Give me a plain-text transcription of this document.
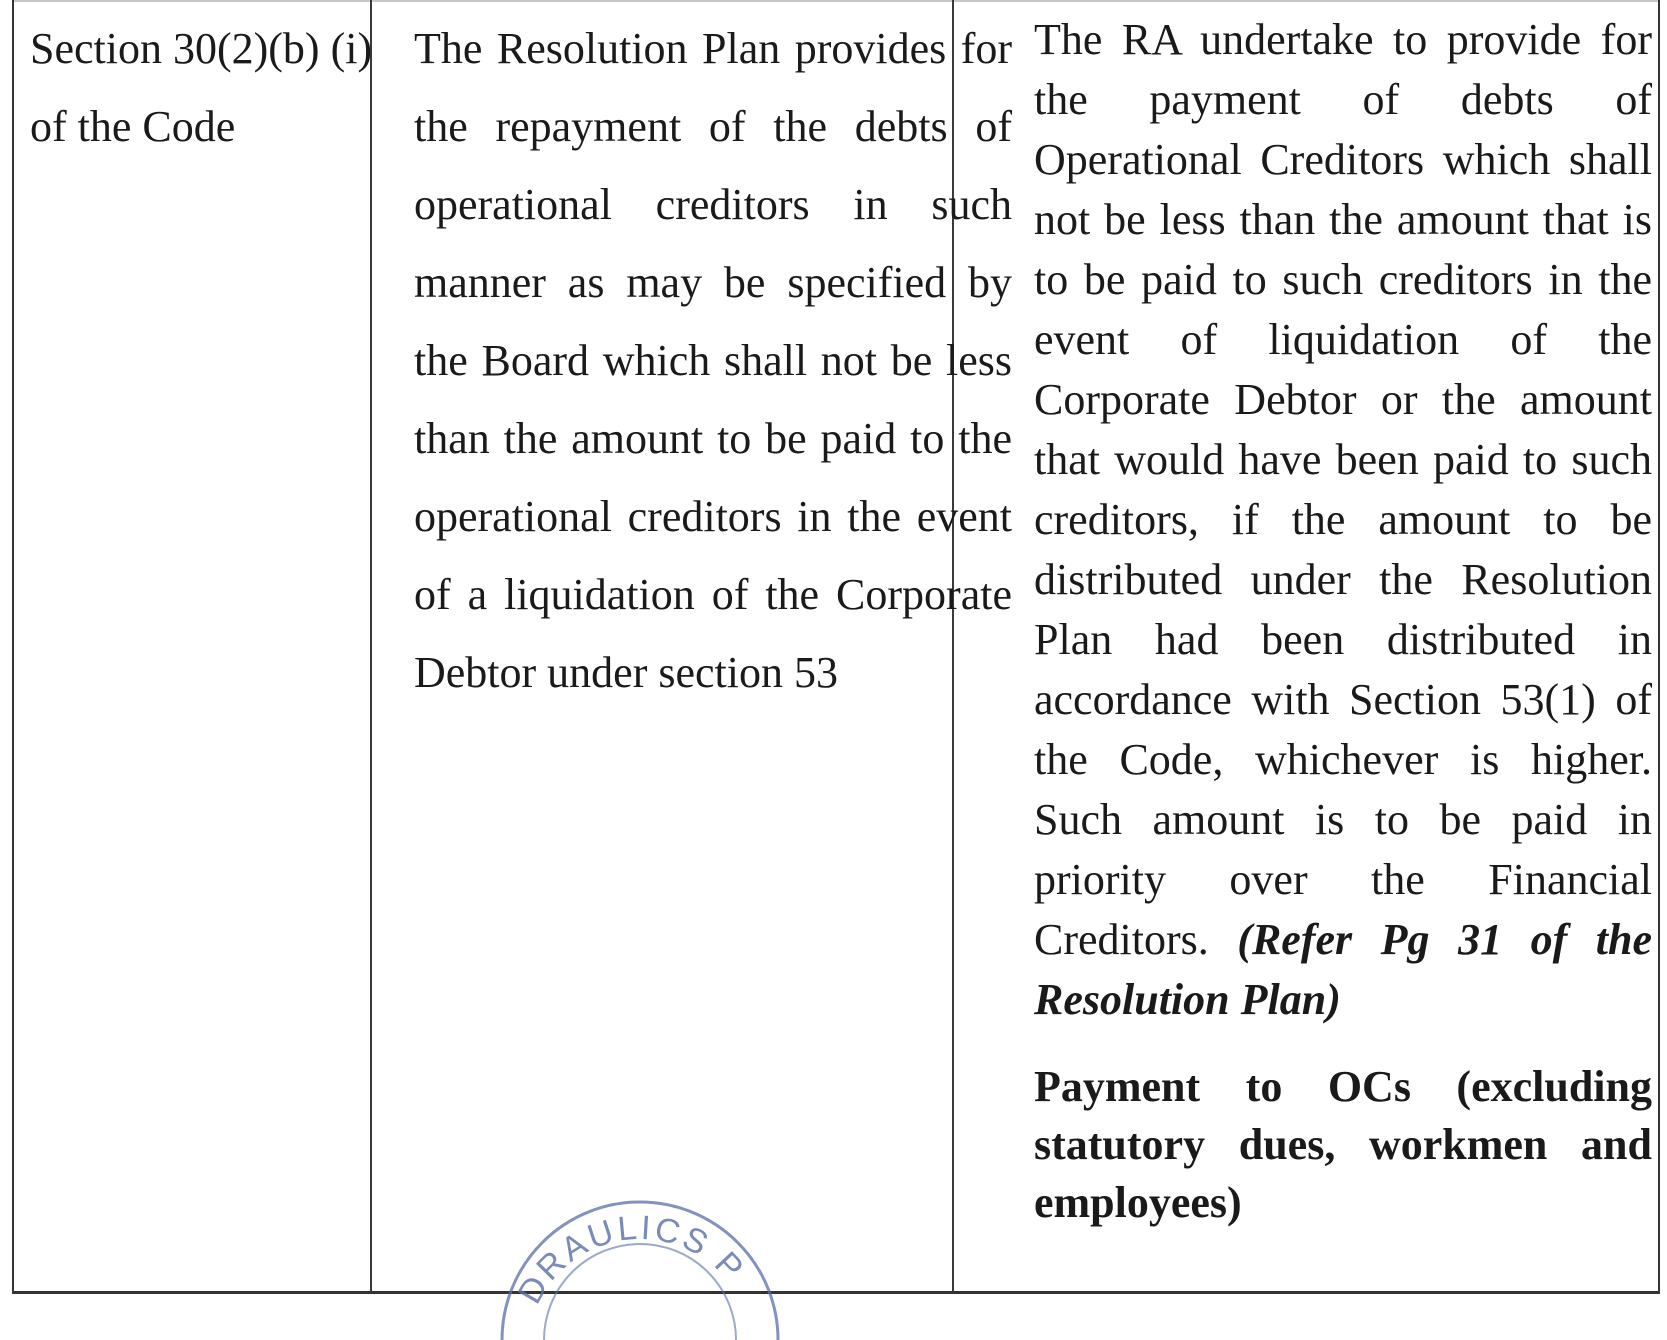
Section 30(2)(b) (i) of the Code
The Resolution Plan provides for the repayment of the debts of operational creditors in such manner as may be specified by the Board which shall not be less than the amount to be paid to the operational creditors in the event of a liquidation of the Corporate Debtor under section 53
The RA undertake to provide for the payment of debts of Operational Creditors which shall not be less than the amount that is to be paid to such creditors in the event of liquidation of the Corporate Debtor or the amount that would have been paid to such creditors, if the amount to be distributed under the Resolution Plan had been distributed in accordance with Section 53(1) of the Code, whichever is higher. Such amount is to be paid in priority over the Financial Creditors. (Refer Pg 31 of the Resolution Plan)
Payment to OCs (excluding statutory dues, workmen and employees)
DRAULICS P
